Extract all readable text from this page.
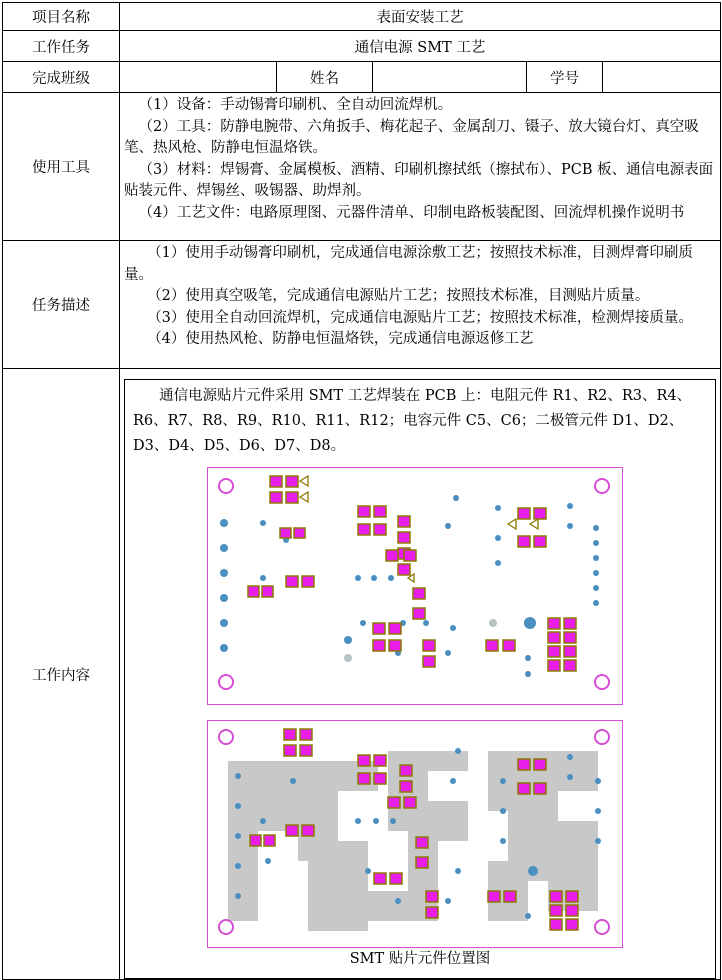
项目名称	表面安装工艺				
工作任务	通信电源 SMT 工艺				
完成班级		姓名		学号	
使用工具	（1）设备：手动锡膏印刷机、全自动回流焊机。

（2）工具：防静电腕带、六角扳手、梅花起子、金属刮刀、镊子、放大镜台灯、真空吸笔、热风枪、防静电恒温烙铁。

（3）材料：焊锡膏、金属模板、酒精、印刷机擦拭纸（擦拭布）、PCB 板、通信电源表面贴装元件、焊锡丝、吸锡器、助焊剂。

（4）工艺文件：电路原理图、元器件清单、印制电路板装配图、回流焊机操作说明书				

任务描述	（1）使用手动锡膏印刷机，完成通信电源涂敷工艺；按照技术标准，目测焊膏印刷质量。

（2）使用真空吸笔，完成通信电源贴片工艺；按照技术标准，目测贴片质量。

（3）使用全自动回流焊机，完成通信电源贴片工艺；按照技术标准，检测焊接质量。

（4）使用热风枪、防静电恒温烙铁，完成通信电源返修工艺				

工作内容	通信电源贴片元件采用 SMT 工艺焊装在 PCB 上：电阻元件 R1、R2、R3、R4、R6、R7、R8、R9、R10、R11、R12；电容元件 C5、C6；二极管元件 D1、D2、D3、D4、D5、D6、D7、D8。
SMT 贴片元件位置图				
